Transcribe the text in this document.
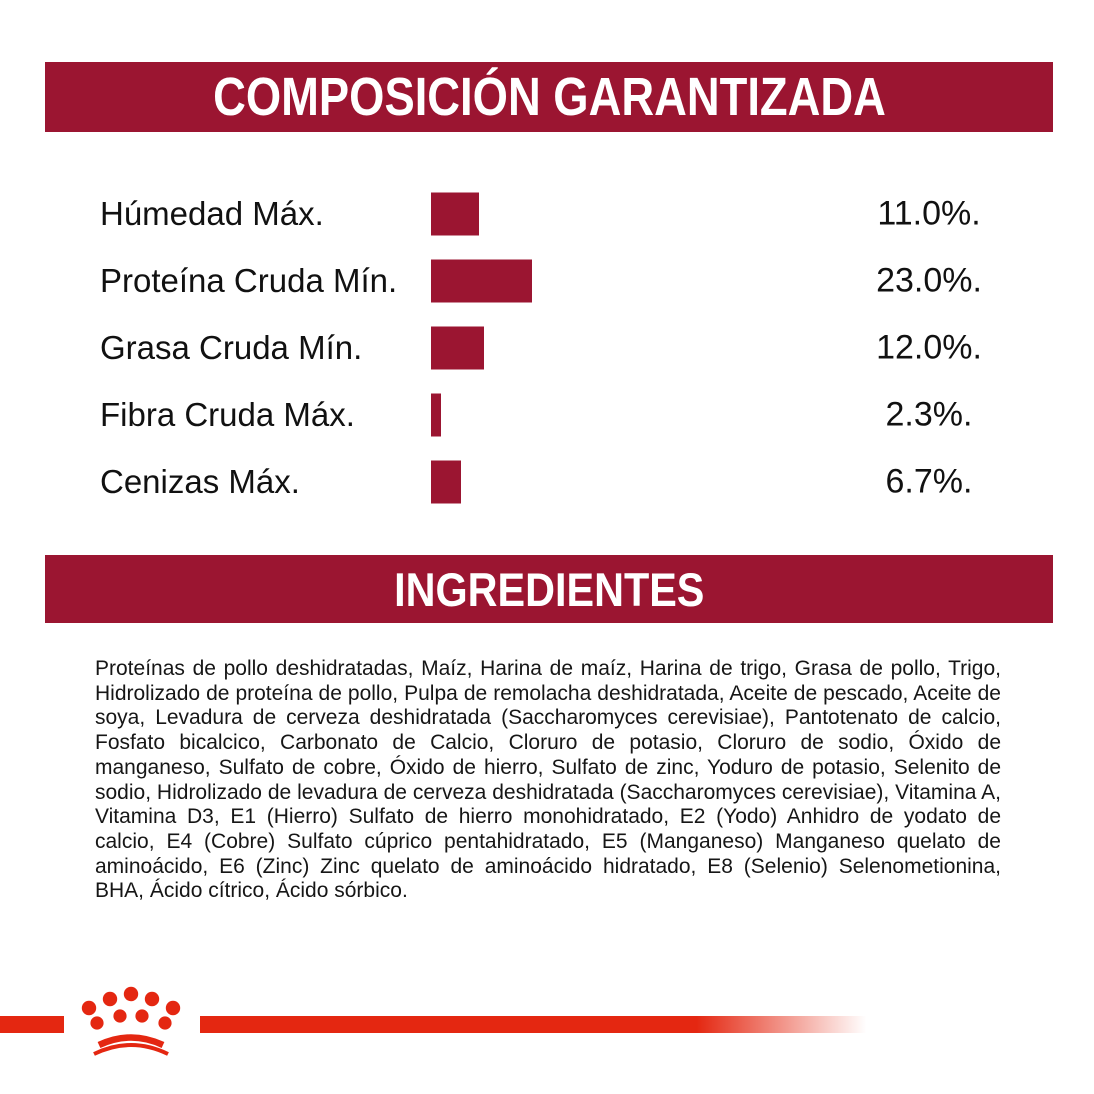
COMPOSICIÓN GARANTIZADA
Húmedad Máx.	11.0%.
Proteína Cruda Mín.	23.0%.
Grasa Cruda Mín.	12.0%.
Fibra Cruda Máx.	2.3%.
Cenizas Máx.	6.7%.
INGREDIENTES

Proteínas de pollo deshidratadas, Maíz, Harina de maíz, Harina de trigo, Grasa de pollo, Trigo, Hidrolizado de proteína de pollo, Pulpa de remolacha deshidratada, Aceite de pescado, Aceite de soya, Levadura de cerveza deshidratada (Saccharomyces cerevisiae), Pantotenato de calcio, Fosfato bicalcico, Carbonato de Calcio, Cloruro de potasio, Cloruro de sodio, Óxido de manganeso, Sulfato de cobre, Óxido de hierro, Sulfato de zinc, Yoduro de potasio, Selenito de sodio, Hidrolizado de levadura de cerveza deshidratada (Saccharomyces cerevisiae), Vitamina A, Vitamina D3, E1 (Hierro) Sulfato de hierro monohidratado, E2 (Yodo) Anhidro de yodato de calcio, E4 (Cobre) Sulfato cúprico pentahidratado, E5 (Manganeso) Manganeso quelato de aminoácido, E6 (Zinc) Zinc quelato de aminoácido hidratado, E8 (Selenio) Selenometionina, BHA, Ácido cítrico, Ácido sórbico.
